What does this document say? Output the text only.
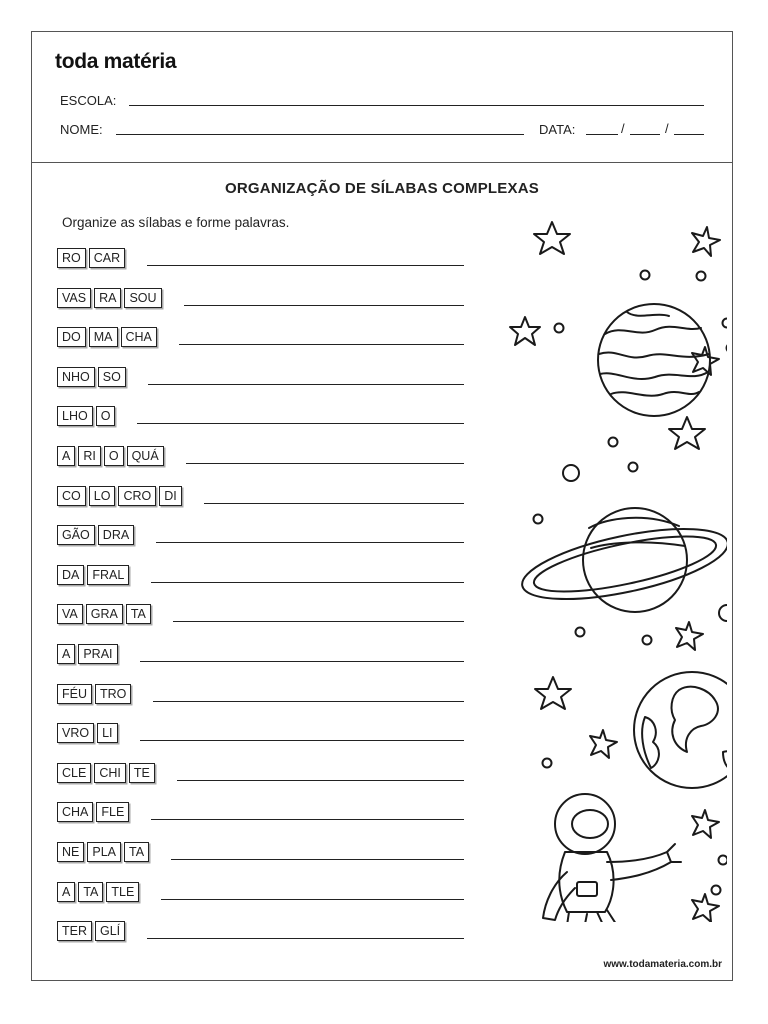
toda matéria
ESCOLA:
NOME:	DATA:	/	/
ORGANIZAÇÃO DE SÍLABAS COMPLEXAS
Organize as sílabas e forme palavras.
RO	CAR
VAS	RA	SOU
DO	MA	CHA
NHO	SO
LHO	O
A	RI	O	QUÁ
CO	LO	CRO	DI
GÃO	DRA
DA	FRAL
VA	GRA	TA
A	PRAI
FÉU	TRO
VRO	LI
CLE	CHI	TE
CHA	FLE
NE	PLA	TA
A	TA	TLE
TER	GLÍ
www.todamateria.com.br
